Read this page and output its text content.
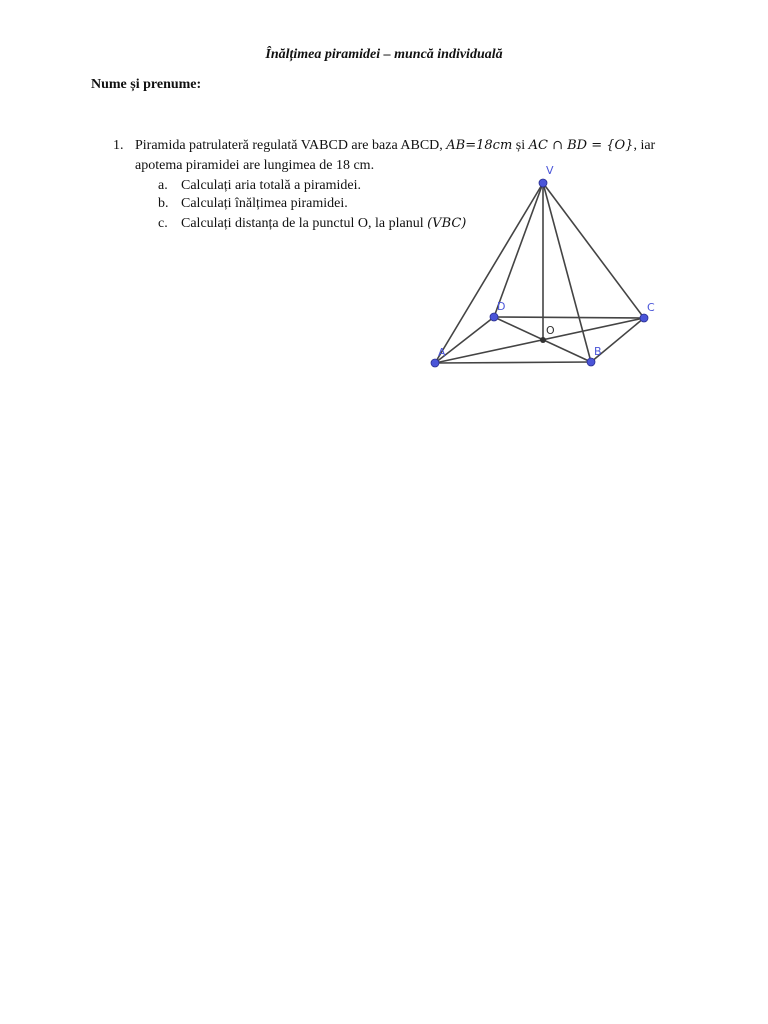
Înălțimea piramidei – muncă individuală
Nume și prenume:
1. Piramida patrulateră regulată VABCD are baza ABCD, AB=18cm și AC ∩ BD = {O}, iar
apotema piramidei are lungimea de 18 cm.
a. Calculați aria totală a piramidei.
b. Calculați înălțimea piramidei.
c. Calculați distanța de la punctul O, la planul (VBC)
V
A	B
C
D
O
